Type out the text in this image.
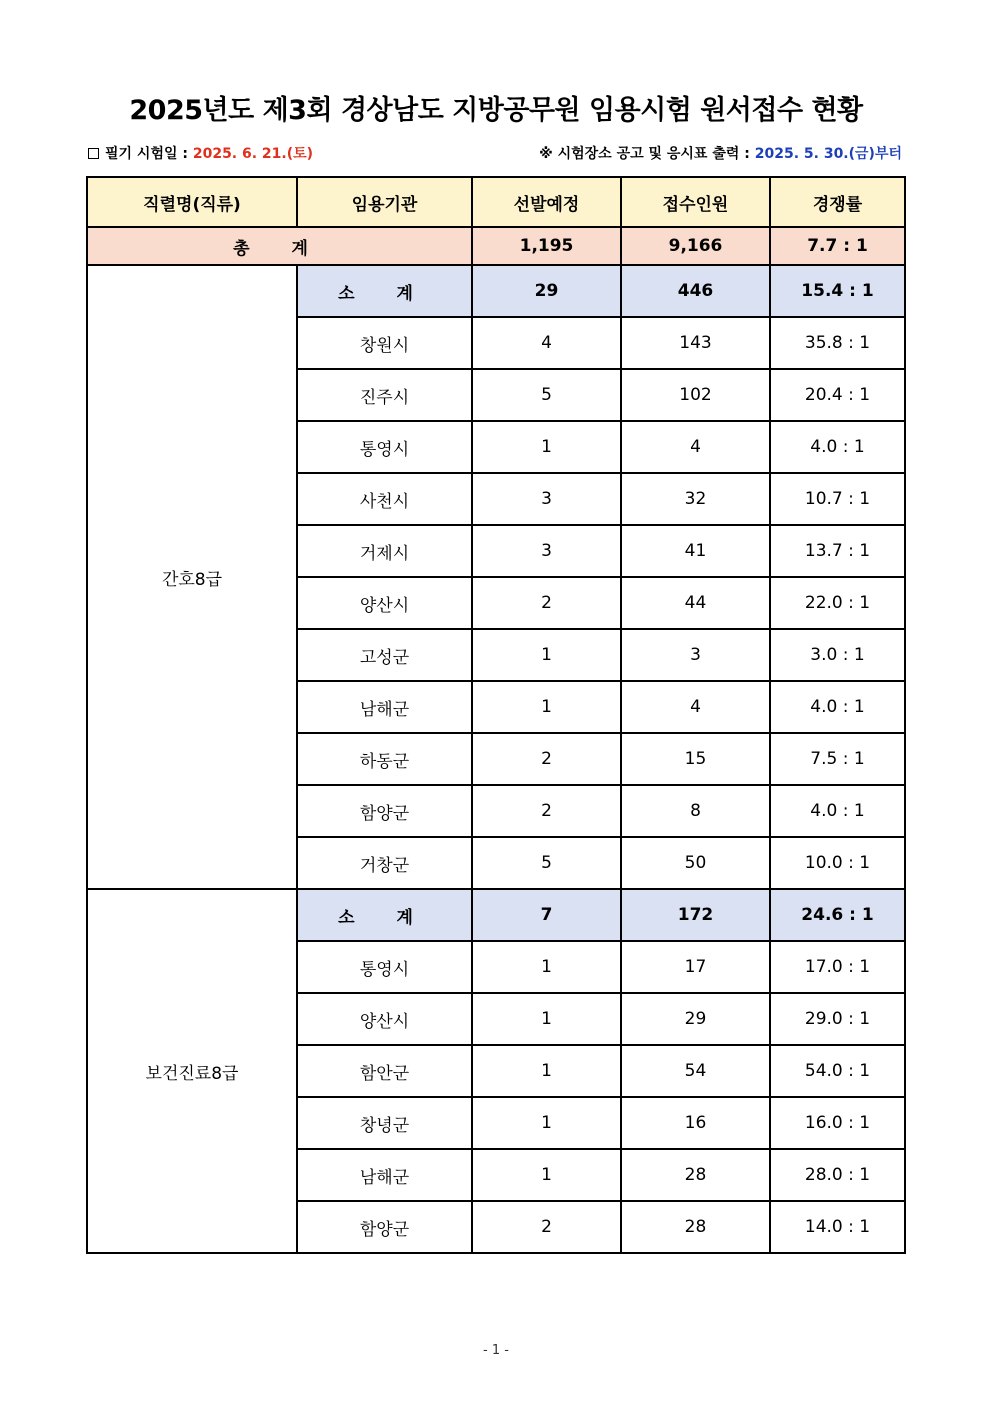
2025년도 제3회 경상남도 지방공무원 임용시험 원서접수 현황
필기 시험일 : 2025. 6. 21.(토)	※ 시험장소 공고 및 응시표 출력 : 2025. 5. 30.(금)부터
직렬명(직류)	임용기관	선발예정	접수인원	경쟁률
총 계		1,195	9,166	7.7 : 1
간호8급	소 계	29	446	15.4 : 1
	창원시	4	143	35.8 : 1
	진주시	5	102	20.4 : 1
	통영시	1	4	4.0 : 1
	사천시	3	32	10.7 : 1
	거제시	3	41	13.7 : 1
	양산시	2	44	22.0 : 1
	고성군	1	3	3.0 : 1
	남해군	1	4	4.0 : 1
	하동군	2	15	7.5 : 1
	함양군	2	8	4.0 : 1
	거창군	5	50	10.0 : 1
보건진료8급	소 계	7	172	24.6 : 1
	통영시	1	17	17.0 : 1
	양산시	1	29	29.0 : 1
	함안군	1	54	54.0 : 1
	창녕군	1	16	16.0 : 1
	남해군	1	28	28.0 : 1
	함양군	2	28	14.0 : 1
- 1 -
